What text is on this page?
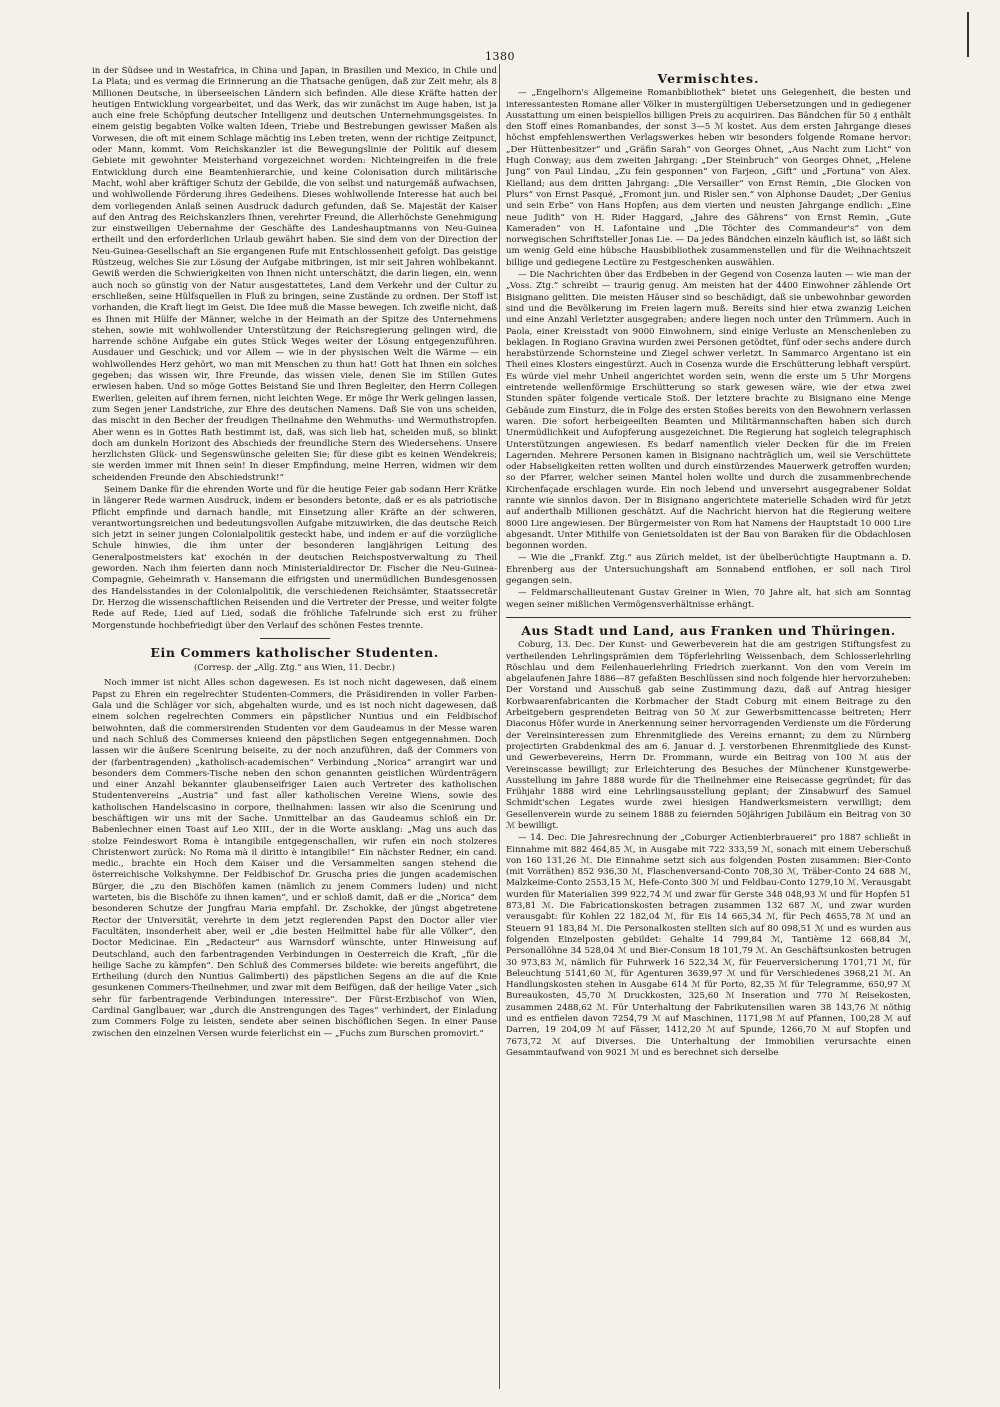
1380

in der Südsee und in Westafrica, in China und Japan, in Brasilien und Mexico, in Chile und La Plata; und es vermag die Erinnerung an die Thatsache genügen, daß zur Zeit mehr, als 8 Millionen Deutsche, in überseeischen Ländern sich befinden. Alle diese Kräfte hatten der heutigen Entwicklung vorgearbeitet, und das Werk, das wir zunächst im Auge haben, ist ja auch eine freie Schöpfung deutscher Intelligenz und deutschen Unternehmungsgeistes. In einem geistig begabten Volke walten Ideen, Triebe und Bestrebungen gewisser Maßen als Vorwesen, die oft mit einem Schlage mächtig ins Leben treten, wenn der richtige Zeitpunct, oder Mann, kommt. Vom Reichskanzler ist die Bewegungslinie der Politik auf diesem Gebiete mit gewohnter Meisterhand vorgezeichnet worden: Nichteingreifen in die freie Entwicklung durch eine Beamtenhierarchie, und keine Colonisation durch militärische Macht, wohl aber kräftiger Schutz der Gebilde, die von selbst und naturgemäß aufwachsen, und wohlwollende Förderung ihres Gedeihens. Dieses wohlwollende Interesse hat auch bei dem vorliegenden Anlaß seinen Ausdruck dadurch gefunden, daß Se. Majestät der Kaiser auf den Antrag des Reichskanzlers Ihnen, verehrter Freund, die Allerhöchste Genehmigung zur einstweiligen Uebernahme der Geschäfte des Landeshauptmanns von Neu-Guinea ertheilt und den erforderlichen Urlaub gewährt haben. Sie sind dem von der Direction der Neu-Guinea-Gesellschaft an Sie ergangenen Rufe mit Entschlossenheit gefolgt. Das geistige Rüstzeug, welches Sie zur Lösung der Aufgabe mitbringen, ist mir seit Jahren wohlbekannt. Gewiß werden die Schwierigkeiten von Ihnen nicht unterschätzt, die darin liegen, ein, wenn auch noch so günstig von der Natur ausgestattetes, Land dem Verkehr und der Cultur zu erschließen, seine Hülfsquellen in Fluß zu bringen, seine Zustände zu ordnen. Der Stoff ist vorhanden, die Kraft liegt im Geist. Die Idee muß die Masse bewegen. Ich zweifle nicht, daß es Ihnen mit Hülfe der Männer, welche in der Heimath an der Spitze des Unternehmens stehen, sowie mit wohlwollender Unterstützung der Reichsregierung gelingen wird, die harrende schöne Aufgabe ein gutes Stück Weges weiter der Lösung entgegenzuführen. Ausdauer und Geschick; und vor Allem — wie in der physischen Welt die Wärme — ein wohlwollendes Herz gehört, wo man mit Menschen zu thun hat! Gott hat Ihnen ein solches gegeben; das wissen wir, Ihre Freunde, das wissen viele, denen Sie im Stillen Gutes erwiesen haben. Und so möge Gottes Beistand Sie und Ihren Begleiter, den Herrn Collegen Ewerlien, geleiten auf ihrem fernen, nicht leichten Wege. Er möge Ihr Werk gelingen lassen, zum Segen jener Landstriche, zur Ehre des deutschen Namens. Daß Sie von uns scheiden, das mischt in den Becher der freudigen Theilnahme den Wehmuths- und Wermuthstropfen. Aber wenn es in Gottes Rath bestimmt ist, daß, was sich lieb hat, scheiden muß, so blinkt doch am dunkeln Horizont des Abschieds der freundliche Stern des Wiedersehens. Unsere herzlichsten Glück- und Segenswünsche geleiten Sie; für diese gibt es keinen Wendekreis; sie werden immer mit Ihnen sein! In dieser Empfindung, meine Herren, widmen wir dem scheidenden Freunde den Abschiedstrunk!“

Seinem Danke für die ehrenden Worte und für die heutige Feier gab sodann Herr Krätke in längerer Rede warmen Ausdruck, indem er besonders betonte, daß er es als patriotische Pflicht empfinde und darnach handle, mit Einsetzung aller Kräfte an der schweren, verantwortungsreichen und bedeutungsvollen Aufgabe mitzuwirken, die das deutsche Reich sich jetzt in seiner jungen Colonialpolitik gesteckt habe, und indem er auf die vorzügliche Schule hinwies, die ihm unter der besonderen langjährigen Leitung des Generalpostmeisters kat' exochén in der deutschen Reichspostverwaltung zu Theil geworden. Nach ihm feierten dann noch Ministerialdirector Dr. Fischer die Neu-Guinea-Compagnie, Geheimrath v. Hansemann die eifrigsten und unermüdlichen Bundesgenossen des Handelsstandes in der Colonialpolitik, die verschiedenen Reichsämter, Staatssecretär Dr. Herzog die wissenschaftlichen Reisenden und die Vertreter der Presse, und weiter folgte Rede auf Rede, Lied auf Lied, sodaß die fröhliche Tafelrunde sich erst zu früher Morgenstunde hochbefriedigt über den Verlauf des schönen Festes trennte.

Ein Commers katholischer Studenten.
(Corresp. der „Allg. Ztg.“ aus Wien, 11. Decbr.)

Noch immer ist nicht Alles schon dagewesen. Es ist noch nicht dagewesen, daß einem Papst zu Ehren ein regelrechter Studenten-Commers, die Präsidirenden in voller Farben-Gala und die Schläger vor sich, abgehalten wurde, und es ist noch nicht dagewesen, daß einem solchen regelrechten Commers ein päpstlicher Nuntius und ein Feldbischof beiwohnten, daß die commersirenden Studenten vor dem Gaudeamus in der Messe waren und nach Schluß des Commerses knieend den päpstlichen Segen entgegennahmen. Doch lassen wir die äußere Scenirung beiseite, zu der noch anzuführen, daß der Commers von der (farbentragenden) „katholisch-academischen“ Verbindung „Norica“ arrangirt war und besonders dem Commers-Tische neben den schon genannten geistlichen Würdenträgern und einer Anzahl bekannter glaubenseifriger Laien auch Vertreter des katholischen Studentenvereins „Austria“ und fast aller katholischen Vereine Wiens, sowie des katholischen Handelscasino in corpore, theilnahmen: lassen wir also die Scenirung und beschäftigen wir uns mit der Sache. Unmittelbar an das Gaudeamus schloß ein Dr. Babenlechner einen Toast auf Leo XIII., der in die Worte ausklang: „Mag uns auch das stolze Feindeswort Roma è intangibile entgegenschallen, wir rufen ein noch stolzeres Christenwort zurück: No Roma mà il diritto è intangibile!“ Ein nächster Redner, ein cand. medic., brachte ein Hoch dem Kaiser und die Versammelten sangen stehend die österreichische Volkshymne. Der Feldbischof Dr. Gruscha pries die jungen academischen Bürger, die „zu den Bischöfen kamen (nämlich zu jenem Commers luden) und nicht warteten, bis die Bischöfe zu ihnen kamen“, und er schloß damit, daß er die „Norica“ dem besonderen Schutze der Jungfrau Maria empfahl. Dr. Zschokke, der jüngst abgetretene Rector der Universität, verehrte in dem jetzt regierenden Papst den Doctor aller vier Facultäten, insonderheit aber, weil er „die besten Heilmittel habe für alle Völker“, den Doctor Medicinae. Ein „Redacteur“ aus Warnsdorf wünschte, unter Hinweisung auf Deutschland, auch den farbentragenden Verbindungen in Oesterreich die Kraft, „für die heilige Sache zu kämpfen“. Den Schluß des Commerses bildete: wie bereits angeführt, die Ertheilung (durch den Nuntius Galimberti) des päpstlichen Segens an die auf die Knie gesunkenen Commers-Theilnehmer, und zwar mit dem Beifügen, daß der heilige Vater „sich sehr für farbentragende Verbindungen interessire“. Der Fürst-Erzbischof von Wien, Cardinal Ganglbauer, war „durch die Anstrengungen des Tages“ verhindert, der Einladung zum Commers Folge zu leisten, sendete aber seinen bischöflichen Segen. In einer Pause zwischen den einzelnen Versen wurde feierlichst ein — „Fuchs zum Burschen promovirt.“

Vermischtes.

— „Engelhorn's Allgemeine Romanbibliothek“ bietet uns Gelegenheit, die besten und interessantesten Romane aller Völker in mustergültigen Uebersetzungen und in gediegener Ausstattung um einen beispiellos billigen Preis zu acquiriren. Das Bändchen für 50 ₰ enthält den Stoff eines Romanbandes, der sonst 3—5 ℳ kostet. Aus dem ersten Jahrgange dieses höchst empfehlenswerthen Verlagswerkes heben wir besonders folgende Romane hervor: „Der Hüttenbesitzer“ und „Gräfin Sarah“ von Georges Ohnet, „Aus Nacht zum Licht“ von Hugh Conway; aus dem zweiten Jahrgang: „Der Steinbruch“ von Georges Ohnet, „Helene Jung“ von Paul Lindau, „Zu fein gesponnen“ von Farjeon, „Gift“ und „Fortuna“ von Alex. Kielland; aus dem dritten Jahrgang: „Die Versailler“ von Ernst Remin, „Die Glocken von Plurs“ von Ernst Pasqué, „Fromont jun. und Risler sen.“ von Alphonse Daudet; „Der Genius und sein Erbe“ von Hans Hopfen; aus dem vierten und neusten Jahrgange endlich: „Eine neue Judith“ von H. Rider Haggard, „Jahre des Gährens“ von Ernst Remin, „Gute Kameraden“ von H. Lafontaine und „Die Töchter des Commandeur's“ von dem norwegischen Schriftsteller Jonas Lie. — Da jedes Bändchen einzeln käuflich ist, so läßt sich um wenig Geld eine hübsche Hausbibliothek zusammenstellen und für die Weihnachtszeit billige und gediegene Lectüre zu Festgeschenken auswählen.

— Die Nachrichten über das Erdbeben in der Gegend von Cosenza lauten — wie man der „Voss. Ztg.“ schreibt — traurig genug. Am meisten hat der 4400 Einwohner zählende Ort Bisignano gelitten. Die meisten Häuser sind so beschädigt, daß sie unbewohnbar geworden sind und die Bevölkerung im Freien lagern muß. Bereits sind hier etwa zwanzig Leichen und eine Anzahl Verletzter ausgegraben; andere liegen noch unter den Trümmern. Auch in Paola, einer Kreisstadt von 9000 Einwohnern, sind einige Verluste an Menschenleben zu beklagen. In Rogiano Gravina wurden zwei Personen getödtet, fünf oder sechs andere durch herabstürzende Schornsteine und Ziegel schwer verletzt. In Sammarco Argentano ist ein Theil eines Klosters eingestürzt. Auch in Cosenza wurde die Erschütterung lebhaft verspürt. Es würde viel mehr Unheil angerichtet worden sein, wenn die erste um 5 Uhr Morgens eintretende wellenförmige Erschütterung so stark gewesen wäre, wie der etwa zwei Stunden später folgende verticale Stoß. Der letztere brachte zu Bisignano eine Menge Gebäude zum Einsturz, die in Folge des ersten Stoßes bereits von den Bewohnern verlassen waren. Die sofort herbeigeeilten Beamten und Militärmannschaften haben sich durch Unermüdlichkeit und Aufopferung ausgezeichnet. Die Regierung hat sogleich telegraphisch Unterstützungen angewiesen. Es bedarf namentlich vieler Decken für die im Freien Lagernden. Mehrere Personen kamen in Bisignano nachträglich um, weil sie Verschüttete oder Habseligkeiten retten wollten und durch einstürzendes Mauerwerk getroffen wurden; so der Pfarrer, welcher seinen Mantel holen wollte und durch die zusammenbrechende Kirchenfaçade erschlagen wurde. Ein noch lebend und unversehrt ausgegrabener Soldat rannte wie sinnlos davon. Der in Bisignano angerichtete materielle Schaden wird für jetzt auf anderthalb Millionen geschätzt. Auf die Nachricht hiervon hat die Regierung weitere 8000 Lire angewiesen. Der Bürgermeister von Rom hat Namens der Hauptstadt 10 000 Lire abgesandt. Unter Mithilfe von Genietsoldaten ist der Bau von Baraken für die Obdachlosen begonnen worden.

— Wie die „Frankf. Ztg.“ aus Zürich meldet, ist der übelberüchtigte Hauptmann a. D. Ehrenberg aus der Untersuchungshaft am Sonnabend entflohen, er soll nach Tirol gegangen sein.

— Feldmarschallieutenant Gustav Greiner in Wien, 70 Jahre alt, hat sich am Sonntag wegen seiner mißlichen Vermögensverhältnisse erhängt.

Aus Stadt und Land, aus Franken und Thüringen.

Coburg, 13. Dec. Der Kunst- und Gewerbeverein hat die am gestrigen Stiftungsfest zu vertheilenden Lehrlingsprämien dem Töpferlehrling Weissenbach, dem Schlosserlehrling Röschlau und dem Feilenhauerlehrling Friedrich zuerkannt. Von den vom Verein im abgelaufenen Jahre 1886—87 gefaßten Beschlüssen sind noch folgende hier hervorzuheben: Der Vorstand und Ausschuß gab seine Zustimmung dazu, daß auf Antrag hiesiger Korbwaarenfabricanten die Korbmacher der Stadt Coburg mit einem Beitrage zu den Arbeitgebern gesprendeten Beitrag von 50 ℳ zur Gewerbsmittencasse beitreten; Herr Diaconus Höfer wurde in Anerkennung seiner hervorragenden Verdienste um die Förderung der Vereinsinteressen zum Ehrenmitgliede des Vereins ernannt; zu dem zu Nürnberg projectirten Grabdenkmal des am 6. Januar d. J. verstorbenen Ehrenmitgliede des Kunst- und Gewerbevereins, Herrn Dr. Frommann, wurde ein Beitrag von 100 ℳ aus der Vereinscasse bewilligt; zur Erleichterung des Besuches der Münchener Kunstgewerbe-Ausstellung im Jahre 1888 wurde für die Theilnehmer eine Reisecasse gegründet; für das Frühjahr 1888 wird eine Lehrlingsausstellung geplant; der Zinsabwurf des Samuel Schmidt'schen Legates wurde zwei hiesigen Handwerksmeistern verwilligt; dem Gesellenverein wurde zu seinem 1888 zu feiernden 50jährigen Jubiläum ein Beitrag von 30 ℳ bewilligt.

— 14. Dec. Die Jahresrechnung der „Coburger Actienbierbrauerei“ pro 1887 schließt in Einnahme mit 882 464,85 ℳ, in Ausgabe mit 722 333,59 ℳ, sonach mit einem Ueberschuß von 160 131,26 ℳ. Die Einnahme setzt sich aus folgenden Posten zusammen: Bier-Conto (mit Vorräthen) 852 936,30 ℳ, Flaschenversand-Conto 708,30 ℳ, Träber-Conto 24 688 ℳ, Malzkeime-Conto 2553,15 ℳ, Hefe-Conto 300 ℳ und Feldbau-Conto 1279,10 ℳ. Verausgabt wurden für Materialien 399 922,74 ℳ und zwar für Gerste 348 048,93 ℳ und für Hopfen 51 873,81 ℳ. Die Fabricationskosten betragen zusammen 132 687 ℳ, und zwar wurden verausgabt: für Kohlen 22 182,04 ℳ, für Eis 14 665,34 ℳ, für Pech 4655,78 ℳ und an Steuern 91 183,84 ℳ. Die Personalkosten stellten sich auf 80 098,51 ℳ und es wurden aus folgenden Einzelposten gebildet: Gehalte 14 799,84 ℳ, Tantième 12 668,84 ℳ, Personallöhne 34 528,04 ℳ und Bier-Consum 18 101,79 ℳ. An Geschäftsunkosten betrugen 30 973,83 ℳ, nämlich für Fuhrwerk 16 522,34 ℳ, für Feuerversicherung 1701,71 ℳ, für Beleuchtung 5141,60 ℳ, für Agenturen 3639,97 ℳ und für Verschiedenes 3968,21 ℳ. An Handlungskosten stehen in Ausgabe 614 ℳ für Porto, 82,35 ℳ für Telegramme, 650,97 ℳ Bureaukosten, 45,70 ℳ Druckkosten, 325,60 ℳ Inseration und 770 ℳ Reisekosten, zusammen 2488,62 ℳ. Für Unterhaltung der Fabrikutensilien waren 38 143,76 ℳ nöthig und es entfielen davon 7254,79 ℳ auf Maschinen, 1171,98 ℳ auf Pfannen, 100,28 ℳ auf Darren, 19 204,09 ℳ auf Fässer, 1412,20 ℳ auf Spunde, 1266,70 ℳ auf Stopfen und 7673,72 ℳ auf Diverses. Die Unterhaltung der Immobilien verursachte einen Gesammtaufwand von 9021 ℳ und es berechnet sich derselbe
